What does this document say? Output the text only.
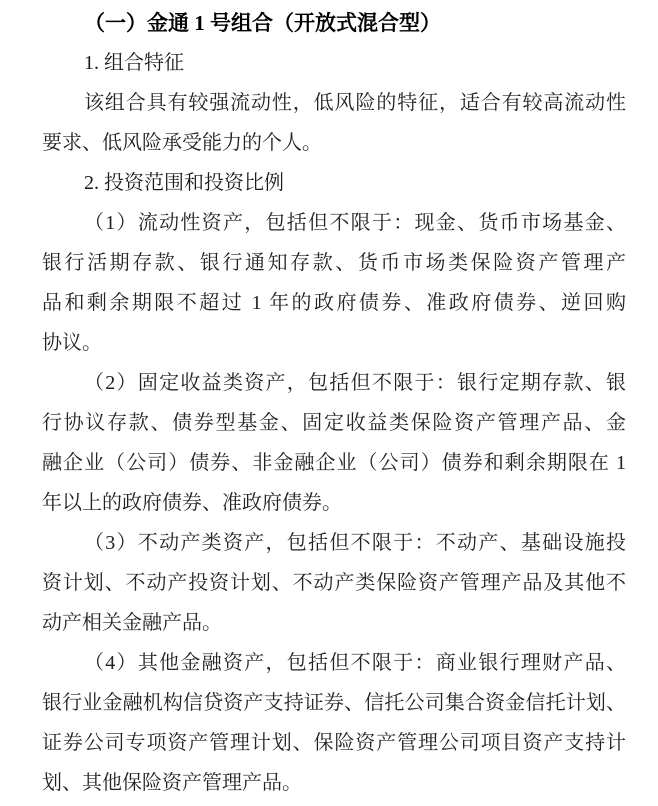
（一）金通 1 号组合（开放式混合型）
1. 组合特征
该组合具有较强流动性，低风险的特征，适合有较高流动性
要求、低风险承受能力的个人。
2. 投资范围和投资比例
（1）流动性资产，包括但不限于：现金、货币市场基金、
银行活期存款、银行通知存款、货币市场类保险资产管理产
品和剩余期限不超过 1 年的政府债券、准政府债券、逆回购
协议。
（2）固定收益类资产，包括但不限于：银行定期存款、银
行协议存款、债券型基金、固定收益类保险资产管理产品、金
融企业（公司）债券、非金融企业（公司）债券和剩余期限在 1
年以上的政府债券、准政府债券。
（3）不动产类资产，包括但不限于：不动产、基础设施投
资计划、不动产投资计划、不动产类保险资产管理产品及其他不
动产相关金融产品。
（4）其他金融资产，包括但不限于：商业银行理财产品、
银行业金融机构信贷资产支持证券、信托公司集合资金信托计划、
证券公司专项资产管理计划、保险资产管理公司项目资产支持计
划、其他保险资产管理产品。
